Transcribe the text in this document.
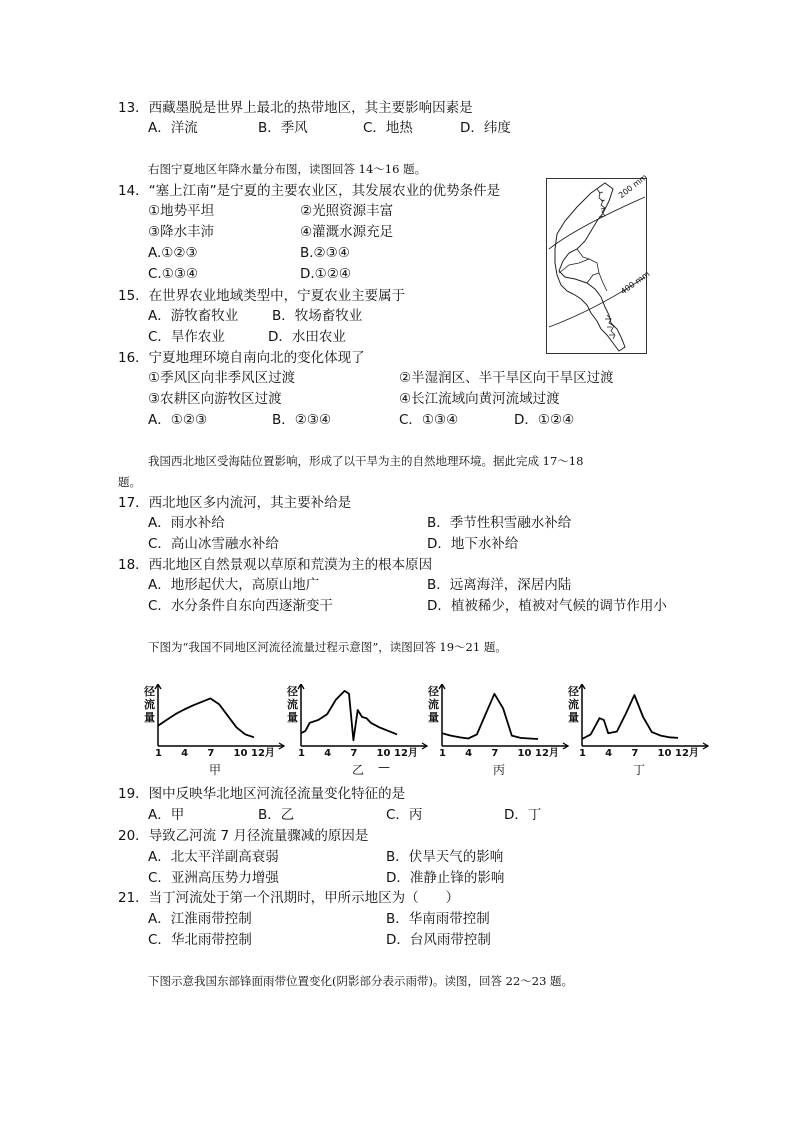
13．西藏墨脱是世界上最北的热带地区，其主要影响因素是
A．洋流	B．季风	C．地热	D．纬度
右图宁夏地区年降水量分布图，读图回答 14～16 题。
14．“塞上江南”是宁夏的主要农业区，其发展农业的优势条件是
①地势平坦	②光照资源丰富
③降水丰沛	④灌溉水源充足
A.①②③	B.②③④
C.①③④	D.①②④
200 mm
400 mm
15．在世界农业地域类型中，宁夏农业主要属于
A．游牧畜牧业	B．牧场畜牧业
C．旱作农业	D．水田农业
16．宁夏地理环境自南向北的变化体现了
①季风区向非季风区过渡	②半湿润区、半干旱区向干旱区过渡
③农耕区向游牧区过渡	④长江流域向黄河流域过渡
A．①②③	B．②③④	C．①③④	D．①②④
我国西北地区受海陆位置影响，形成了以干旱为主的自然地理环境。据此完成 17～18
题。
17．西北地区多内流河，其主要补给是
A．雨水补给	B．季节性积雪融水补给
C．高山冰雪融水补给	D．地下水补给
18．西北地区自然景观以草原和荒漠为主的根本原因
A．地形起伏大，高原山地广	B．远离海洋，深居内陆
C．水分条件自东向西逐渐变干	D．植被稀少，植被对气候的调节作用小
下图为“我国不同地区河流径流量过程示意图”，读图回答 19～21 题。
径
流
量
1 4 7 10 12月
甲
径
流
量
1 4 7 10 12月
乙
径
流
量
1 4 7 10 12月
丙
径
流
量
1 4 7 10 12月
丁
—
19．图中反映华北地区河流径流量变化特征的是
A．甲	B．乙	C．丙	D．丁
20．导致乙河流 7 月径流量骤减的原因是
A．北太平洋副高衰弱	B．伏旱天气的影响
C．亚洲高压势力增强	D．准静止锋的影响
21．当丁河流处于第一个汛期时，甲所示地区为（　　）
A．江淮雨带控制	B．华南雨带控制
C．华北雨带控制	D．台风雨带控制
下图示意我国东部锋面雨带位置变化(阴影部分表示雨带)。读图，回答 22～23 题。
